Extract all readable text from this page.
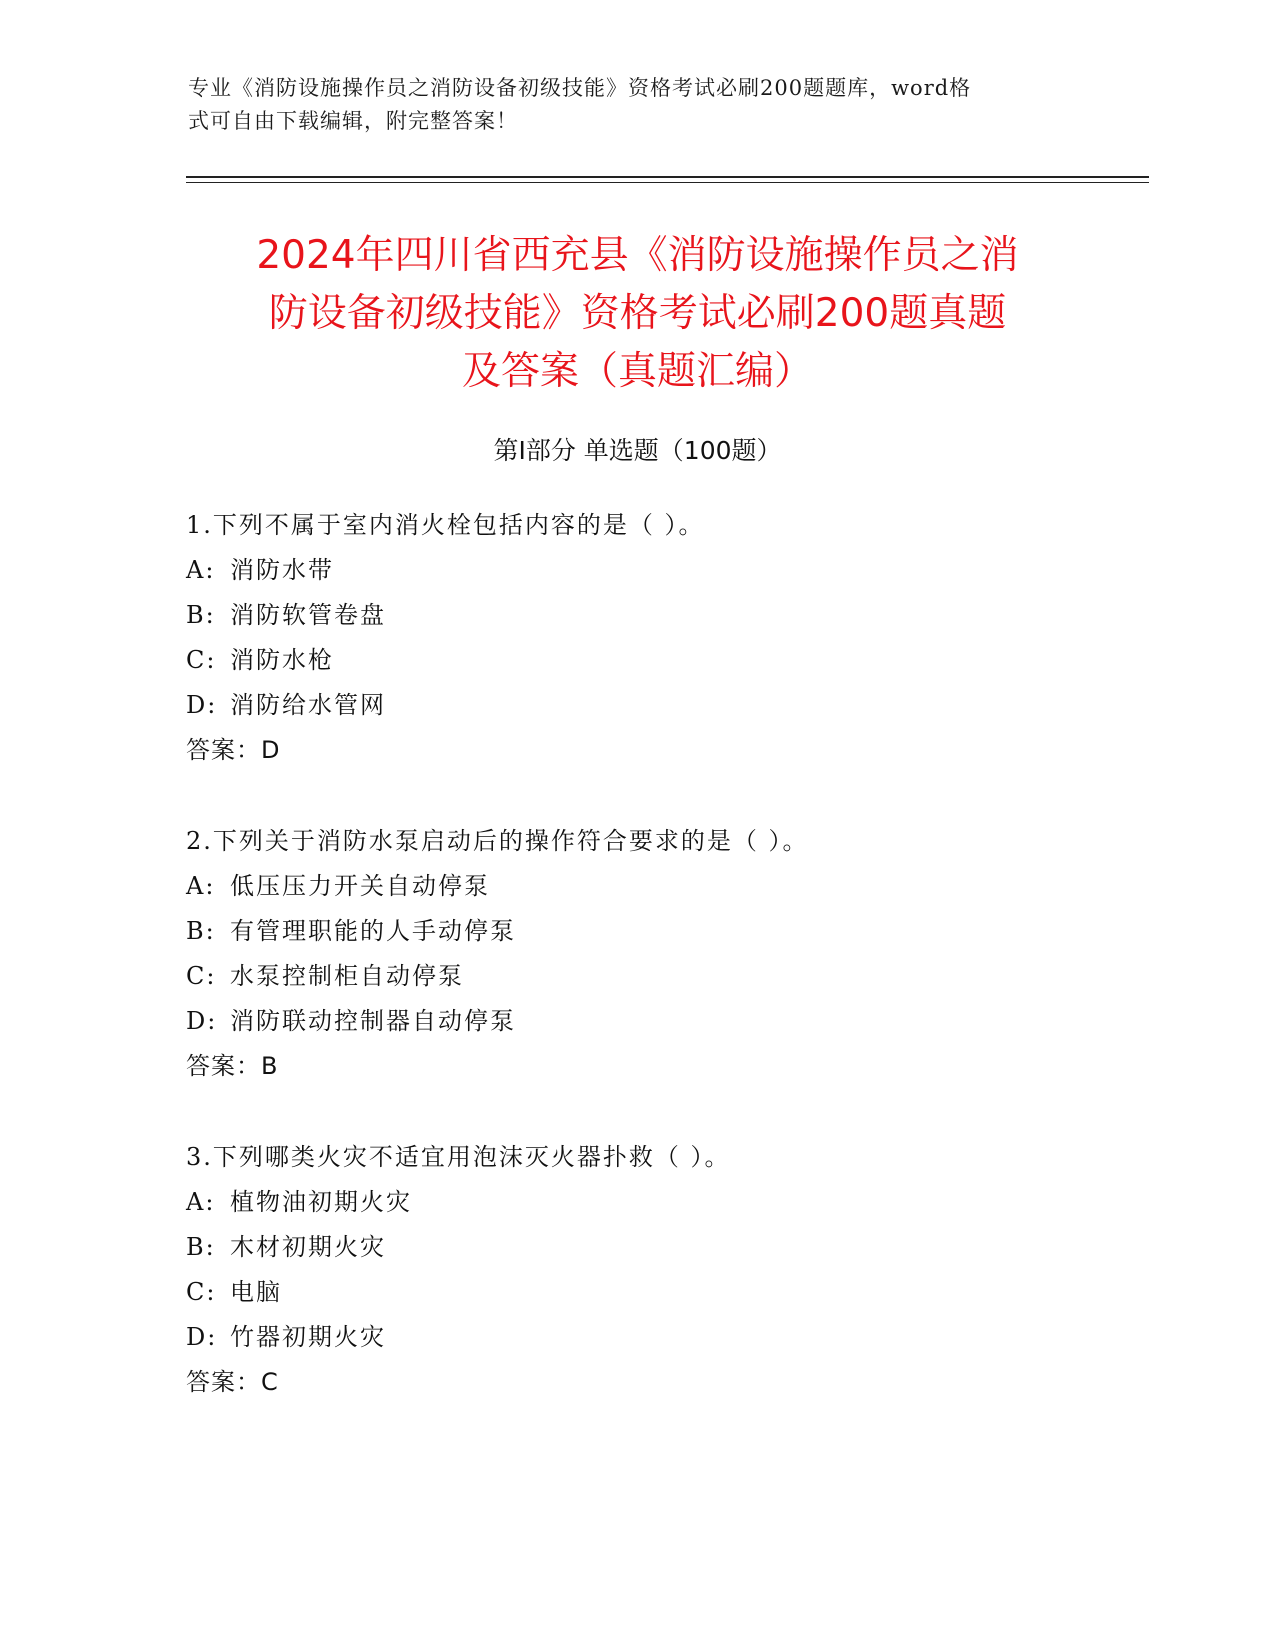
专业《消防设施操作员之消防设备初级技能》资格考试必刷200题题库，word格
式可自由下载编辑，附完整答案！
2024年四川省西充县《消防设施操作员之消
防设备初级技能》资格考试必刷200题真题
及答案（真题汇编）
第Ⅰ部分 单选题（100题）
1.下列不属于室内消火栓包括内容的是（ ）。
A: 消防水带
B: 消防软管卷盘
C: 消防水枪
D: 消防给水管网
答案：D
2.下列关于消防水泵启动后的操作符合要求的是（ ）。
A: 低压压力开关自动停泵
B: 有管理职能的人手动停泵
C: 水泵控制柜自动停泵
D: 消防联动控制器自动停泵
答案：B
3.下列哪类火灾不适宜用泡沫灭火器扑救（ ）。
A: 植物油初期火灾
B: 木材初期火灾
C: 电脑
D: 竹器初期火灾
答案：C
